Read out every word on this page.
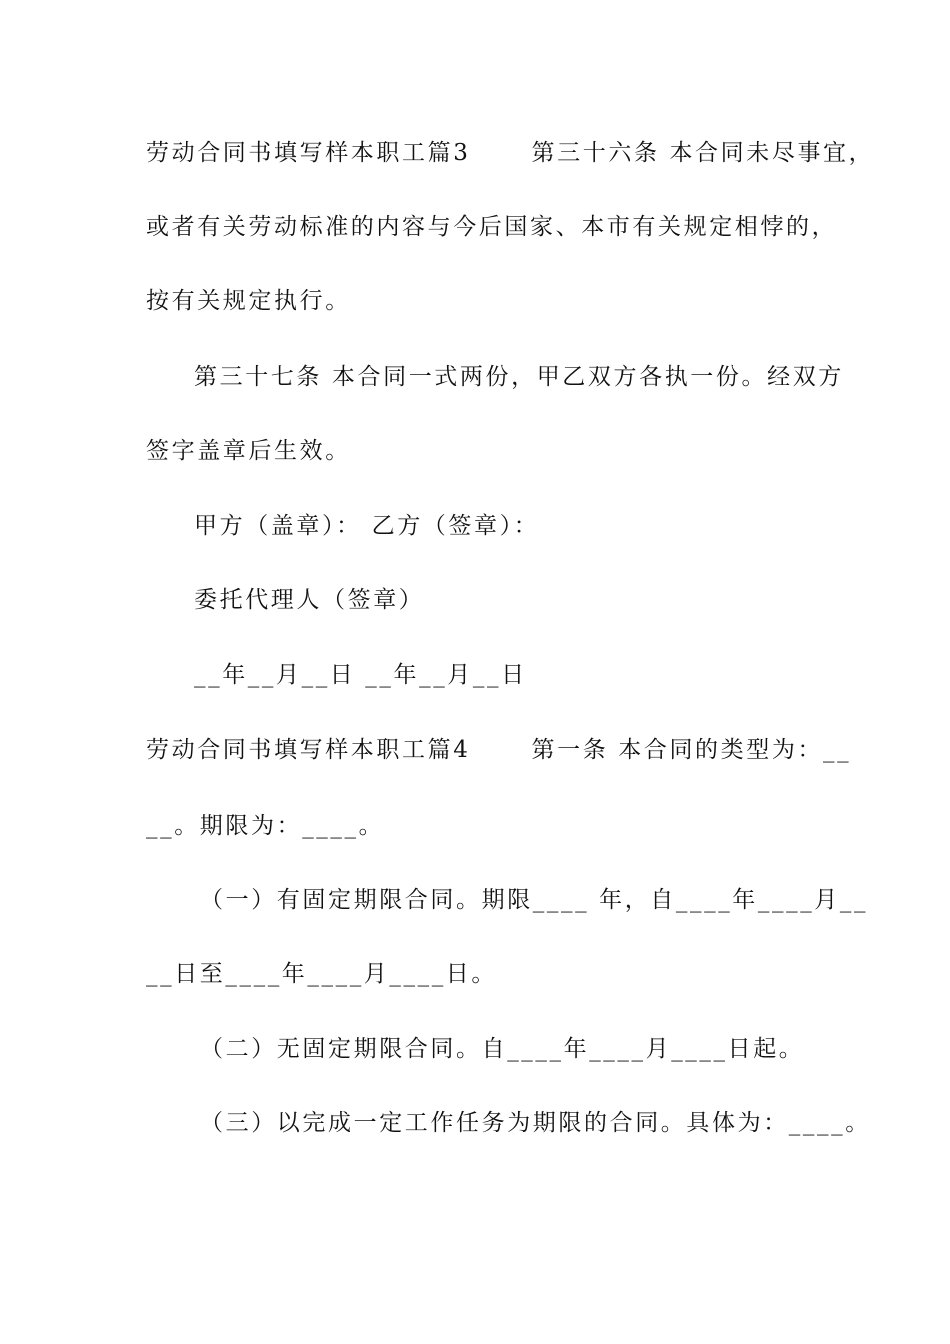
劳动合同书填写样本职工篇3　　 第三十六条 本合同未尽事宜，
或者有关劳动标准的内容与今后国家、本市有关规定相悖的，
按有关规定执行。
第三十七条 本合同一式两份，甲乙双方各执一份。经双方
签字盖章后生效。
甲方（盖章）： 乙方（签章）：
委托代理人（签章）
__年__月__日 __年__月__日
劳动合同书填写样本职工篇4　　 第一条 本合同的类型为：__
__。期限为：____。
（一）有固定期限合同。期限____ 年，自____年____月__
__日至____年____月____日。
（二）无固定期限合同。自____年____月____日起。
（三）以完成一定工作任务为期限的合同。具体为：____。
